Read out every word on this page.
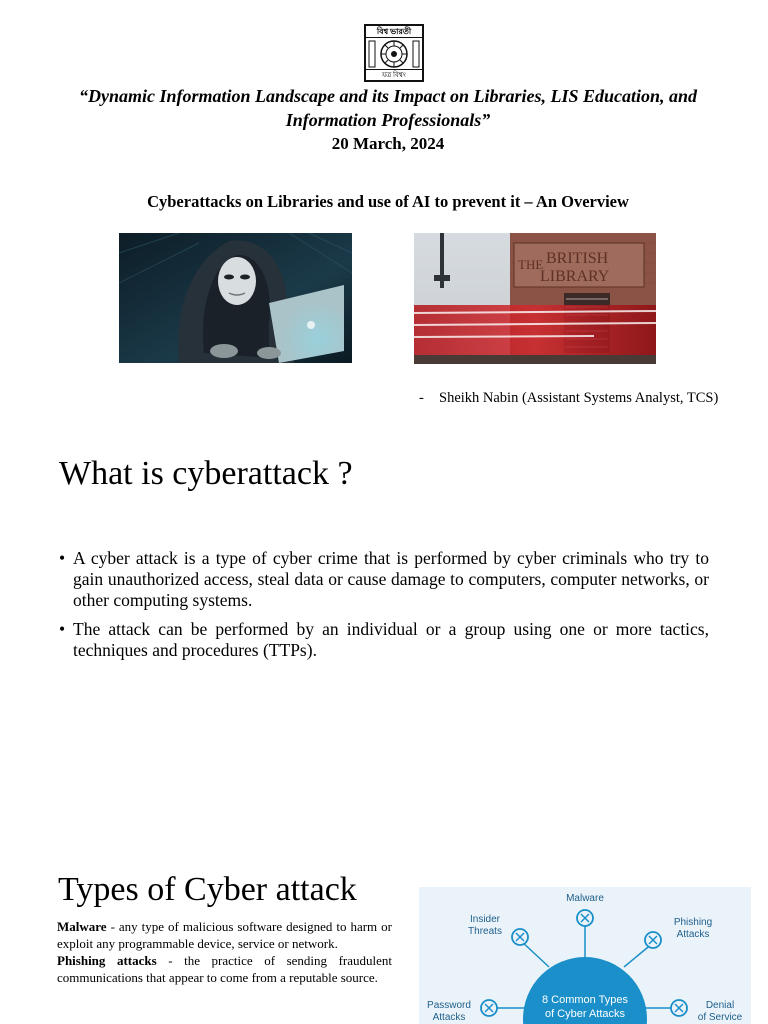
বিশ্ব ভারতী
যত্র বিশ্বং
“Dynamic Information Landscape and its Impact on Libraries, LIS Education, and
Information Professionals”
20 March, 2024
Cyberattacks on Libraries and use of AI to prevent it – An Overview
THE BRITISH
LIBRARY
- Sheikh Nabin (Assistant Systems Analyst, TCS)
What is cyberattack ?
• A cyber attack is a type of cyber crime that is performed by cyber criminals who try to gain unauthorized access, steal data or cause damage to computers, computer networks, or other computing systems.
• The attack can be performed by an individual or a group using one or more tactics, techniques and procedures (TTPs).
Types of Cyber attack

Malware - any type of malicious software designed to harm or exploit any programmable device, service or network.

Phishing attacks - the practice of sending fraudulent communications that appear to come from a reputable source.

8 Common Types
of Cyber Attacks
Malware
Insider
Threats
Phishing
Attacks
Password
Attacks
Denial
of Service
